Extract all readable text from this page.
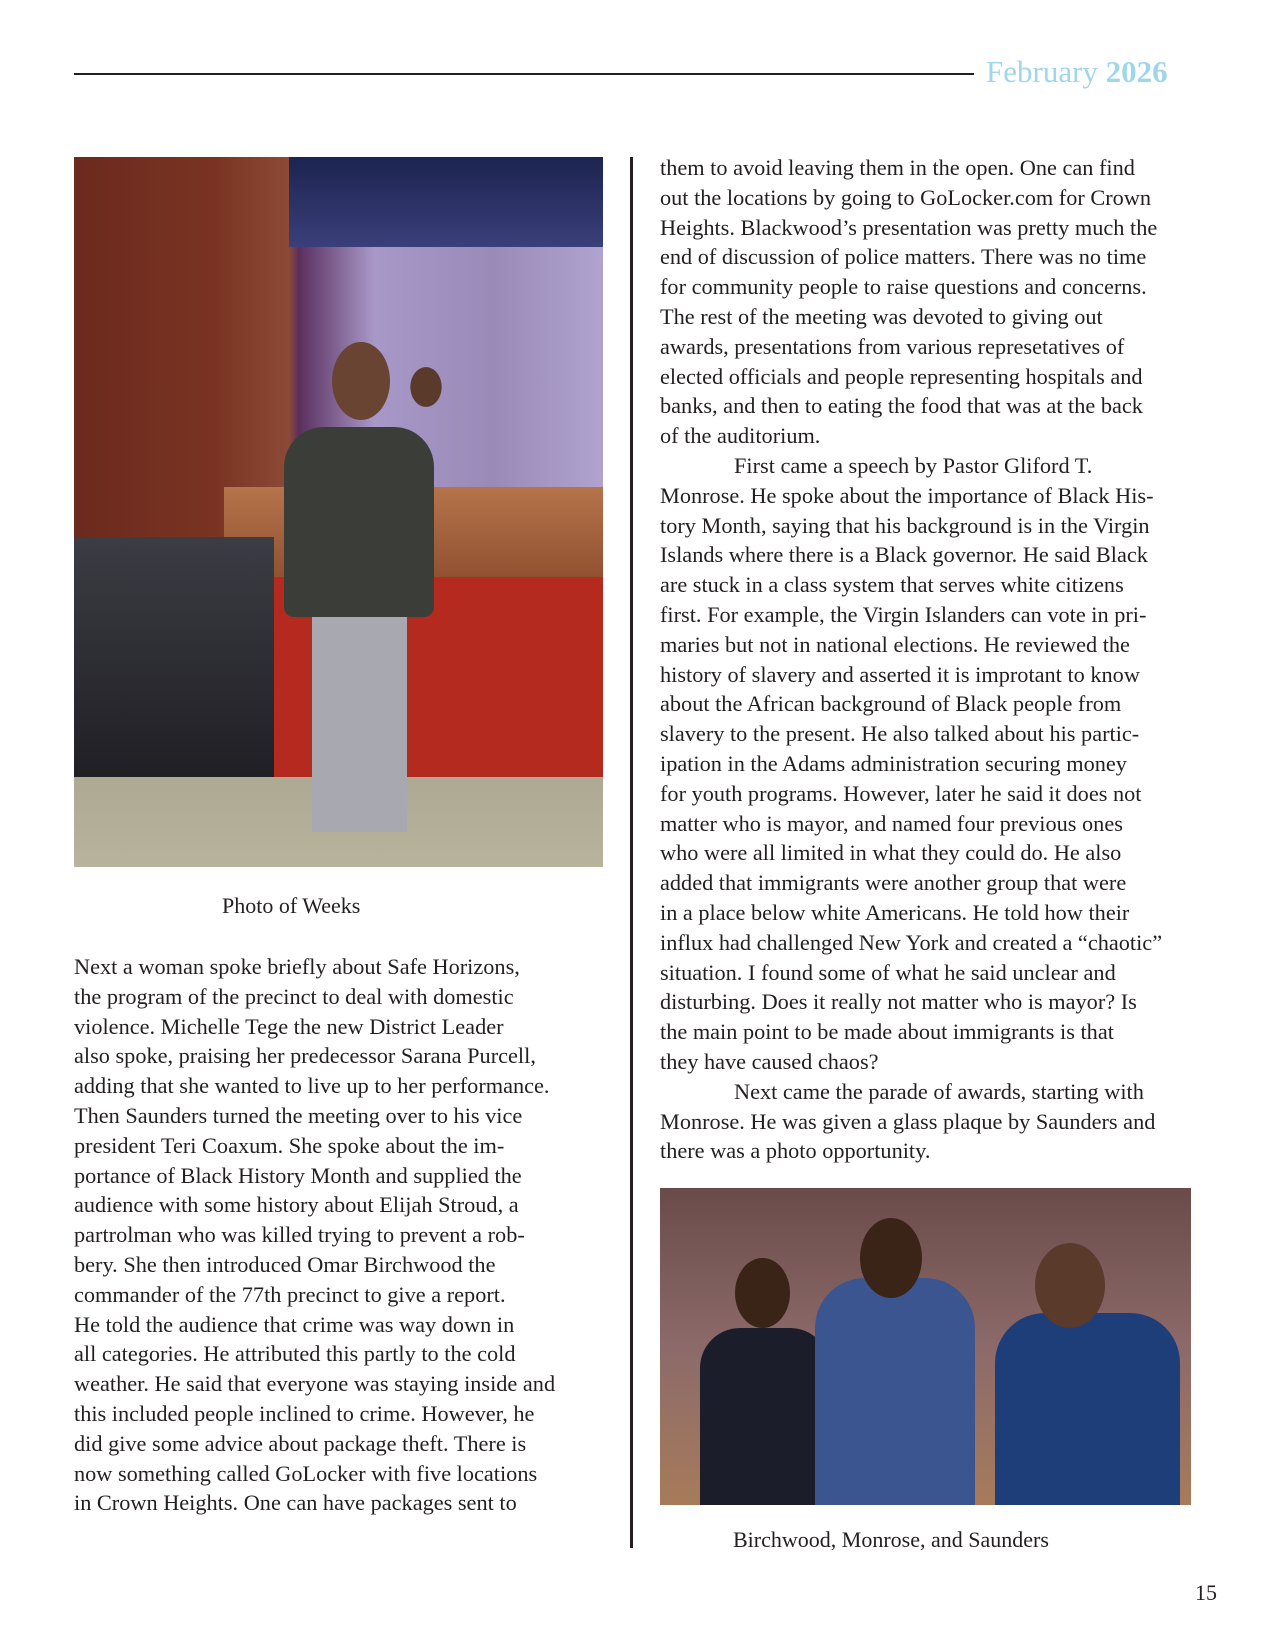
February 2026
Photo of Weeks
Next a woman spoke briefly about Safe Horizons,
the program of the precinct to deal with domestic
violence. Michelle Tege the new District Leader
also spoke, praising her predecessor Sarana Purcell,
adding that she wanted to live up to her performance.
Then Saunders turned the meeting over to his vice
president Teri Coaxum. She spoke about the im-
portance of Black History Month and supplied the
audience with some history about Elijah Stroud, a
partrolman who was killed trying to prevent a rob-
bery. She then introduced Omar Birchwood the
commander of the 77th precinct to give a report.
He told the audience that crime was way down in
all categories. He attributed this partly to the cold
weather. He said that everyone was staying inside and
this included people inclined to crime. However, he
did give some advice about package theft. There is
now something called GoLocker with five locations
in Crown Heights. One can have packages sent to
them to avoid leaving them in the open. One can find
out the locations by going to GoLocker.com for Crown
Heights. Blackwood’s presentation was pretty much the
end of discussion of police matters. There was no time
for community people to raise questions and concerns.
The rest of the meeting was devoted to giving out
awards, presentations from various represetatives of
elected officials and people representing hospitals and
banks, and then to eating the food that was at the back
of the auditorium.
First came a speech by Pastor Gliford T.
Monrose. He spoke about the importance of Black His-
tory Month, saying that his background is in the Virgin
Islands where there is a Black governor. He said Black
are stuck in a class system that serves white citizens
first. For example, the Virgin Islanders can vote in pri-
maries but not in national elections. He reviewed the
history of slavery and asserted it is improtant to know
about the African background of Black people from
slavery to the present. He also talked about his partic-
ipation in the Adams administration securing money
for youth programs. However, later he said it does not
matter who is mayor, and named four previous ones
who were all limited in what they could do. He also
added that immigrants were another group that were
in a place below white Americans. He told how their
influx had challenged New York and created a “chaotic”
situation. I found some of what he said unclear and
disturbing. Does it really not matter who is mayor? Is
the main point to be made about immigrants is that
they have caused chaos?
Next came the parade of awards, starting with
Monrose. He was given a glass plaque by Saunders and
there was a photo opportunity.
Birchwood, Monrose, and Saunders
15
